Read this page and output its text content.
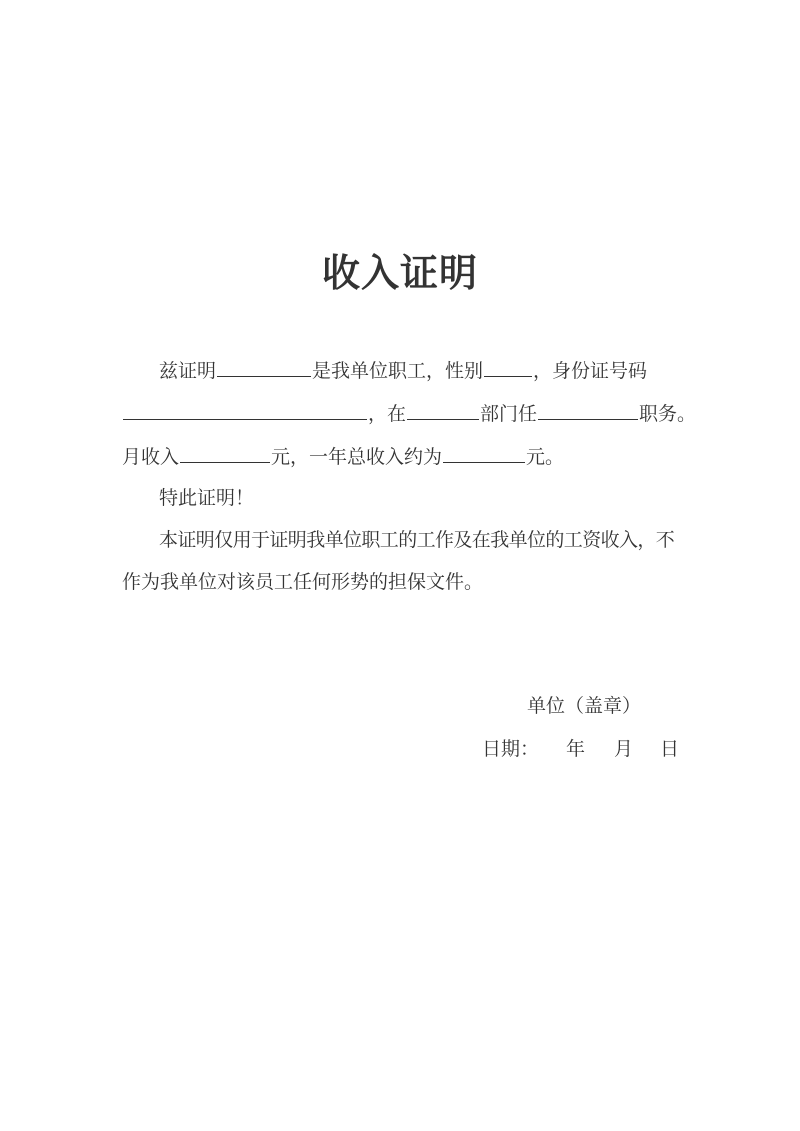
收入证明
兹证明	是我单位职工，性别	，身份证号码
，在	部门任	职务。
月收入	元，一年总收入约为	元。
特此证明！
本证明仅用于证明我单位职工的工作及在我单位的工资收入，不
作为我单位对该员工任何形势的担保文件。
单位（盖章）
日期： 年 月 日
